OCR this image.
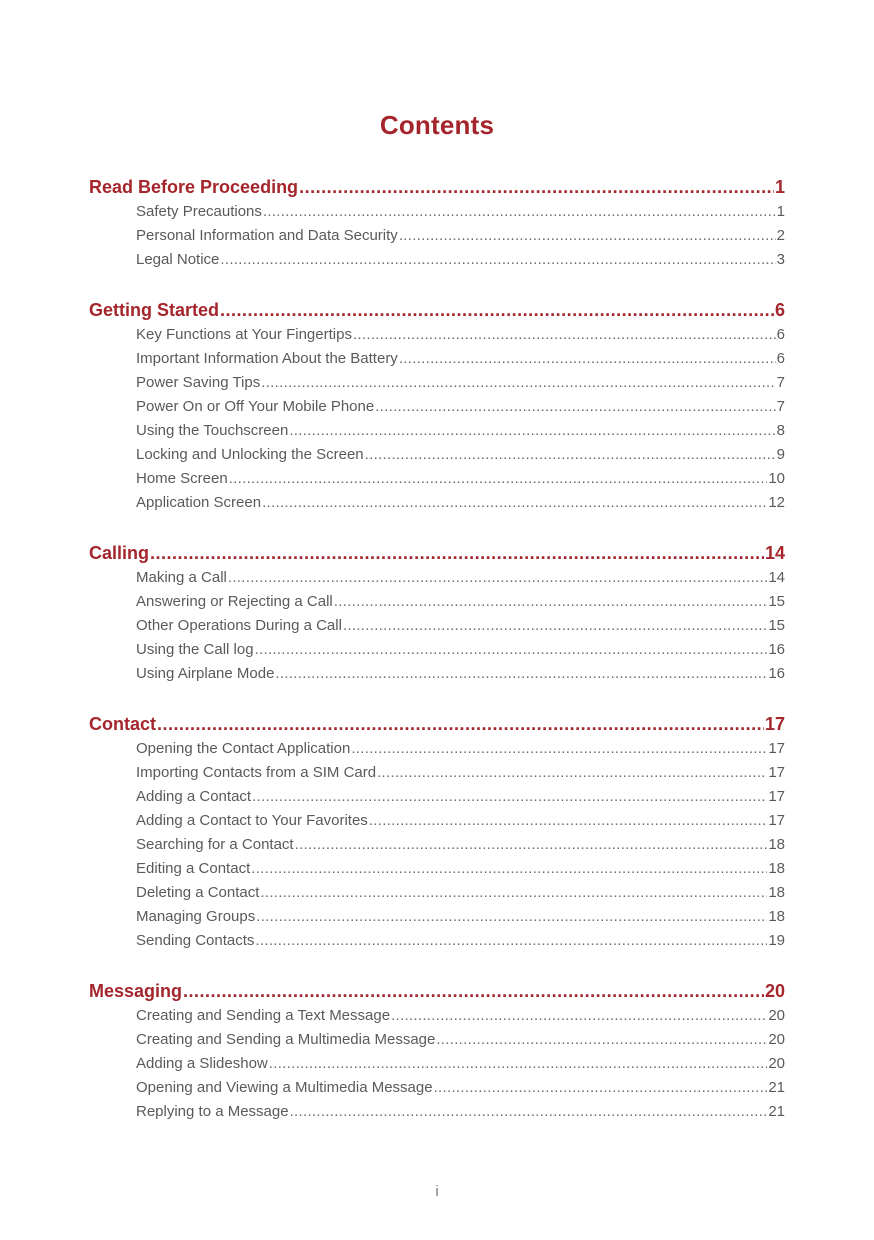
Contents
Read Before Proceeding .....	1
Safety Precautions .....	1
Personal Information and Data Security .....	2
Legal Notice .....	3
Getting Started .....	6
Key Functions at Your Fingertips .....	6
Important Information About the Battery .....	6
Power Saving Tips .....	7
Power On or Off Your Mobile Phone .....	7
Using the Touchscreen .....	8
Locking and Unlocking the Screen .....	9
Home Screen .....	10
Application Screen .....	12
Calling .....	14
Making a Call .....	14
Answering or Rejecting a Call .....	15
Other Operations During a Call .....	15
Using the Call log .....	16
Using Airplane Mode .....	16
Contact .....	17
Opening the Contact Application .....	17
Importing Contacts from a SIM Card .....	17
Adding a Contact .....	17
Adding a Contact to Your Favorites .....	17
Searching for a Contact .....	18
Editing a Contact .....	18
Deleting a Contact .....	18
Managing Groups .....	18
Sending Contacts .....	19
Messaging .....	20
Creating and Sending a Text Message .....	20
Creating and Sending a Multimedia Message .....	20
Adding a Slideshow .....	20
Opening and Viewing a Multimedia Message .....	21
Replying to a Message .....	21
i
